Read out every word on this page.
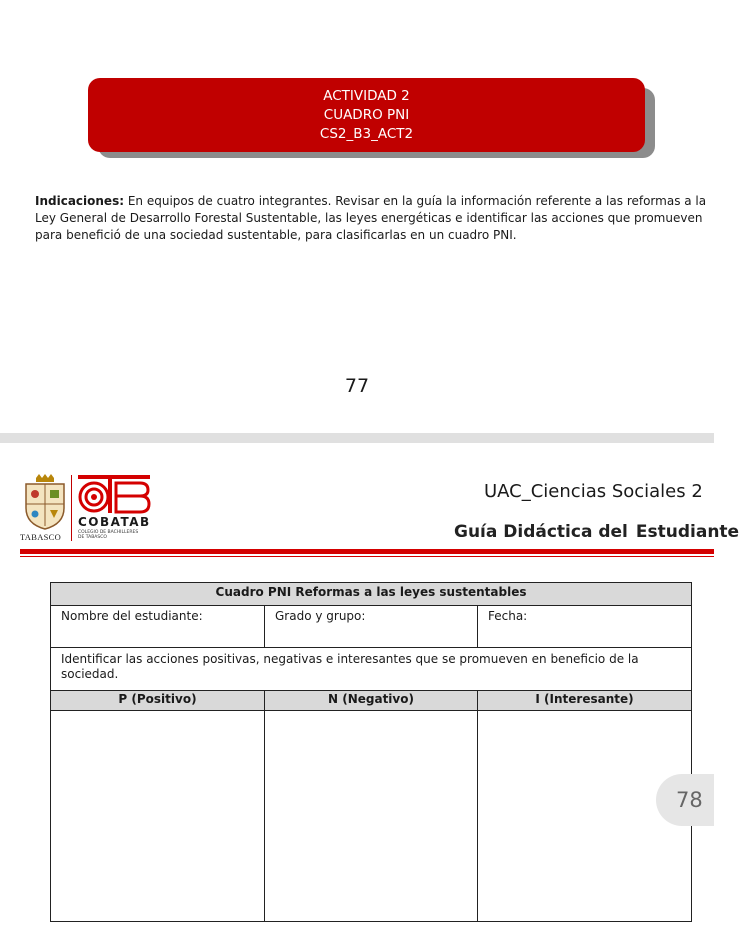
ACTIVIDAD 2
CUADRO PNI
CS2_B3_ACT2
Indicaciones: En equipos de cuatro integrantes. Revisar en la guía la información referente a las reformas a la Ley General de Desarrollo Forestal Sustentable, las leyes energéticas e identificar las acciones que promueven para benefició de una sociedad sustentable, para clasificarlas en un cuadro PNI.
77
TABASCO
COBATAB
COLEGIO DE BACHILLERES
DE TABASCO
UAC_Ciencias Sociales 2
Guía Didáctica del Estudiante
Cuadro PNI Reformas a las leyes sustentables		
Nombre del estudiante:	Grado y grupo:	Fecha:
Identificar las acciones positivas, negativas e interesantes que se promueven en beneficio de la sociedad.		
P (Positivo)	N (Negativo)	I (Interesante)

78
